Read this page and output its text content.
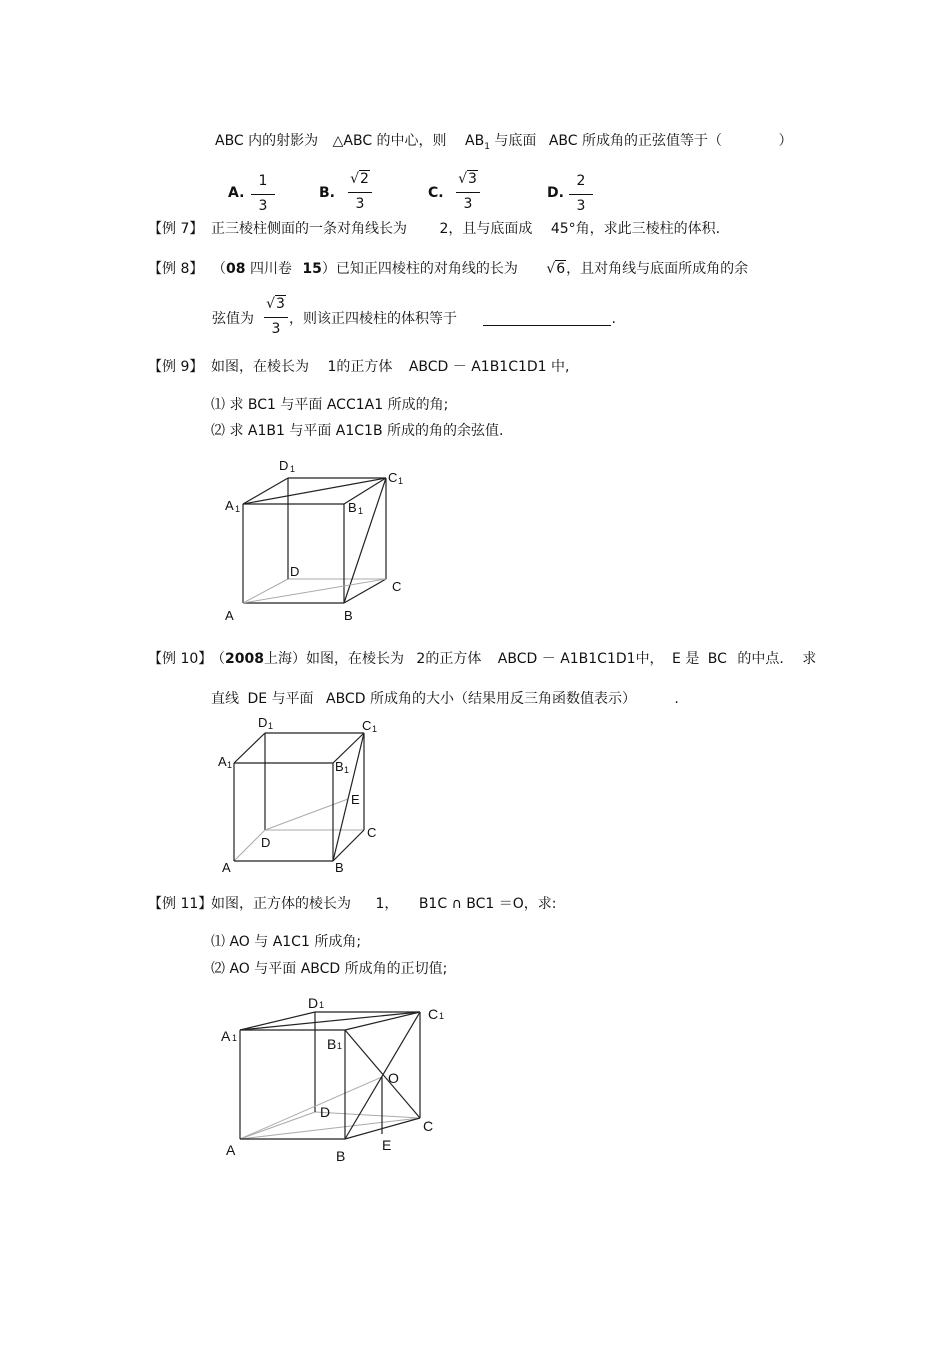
ABC 内的射影为 △ABC 的中心，则 $AB_1$ 与底面 ABC 所成角的正弦值等于（	）
A.
1
3
B.
√2
3
C.
√3
3
D.
2
3
【例 7】 正三棱柱侧面的一条对角线长为 2，且与底面成 45°角，求此三棱柱的体积.
【例 8】 （08 四川卷 15）已知正四棱柱的对角线的长为 √6，且对角线与底面所成角的余
弦值为
√3
3
，则该正四棱柱的体积等于	.
【例 9】 如图，在棱长为 1的正方体 ABCD － A1B1C1D1 中,
⑴ 求 BC1 与平面 ACC1A1 所成的角;
⑵ 求 A1B1 与平面 A1C1B 所成的角的余弦值.
A	B
C
D
A 1	B 1
C 1
D 1
【例 10】
（2008上海）如图，在棱长为 2的正方体 ABCD － A1B1C1D1中， E 是 BC 的中点. 求
直线 DE 与平面 ABCD 所成角的大小（结果用反三角函数值表示）	.
A	B
C
D
E
A 1	B 1
C 1
D 1
【例 11】
如图，正方体的棱长为 1， B1C ∩ BC1 ＝O，求:
⑴ AO 与 A1C1 所成角;
⑵ AO 与平面 ABCD 所成角的正切值;
A	B
C
D
E
O
A 1	B 1
C 1
D 1
